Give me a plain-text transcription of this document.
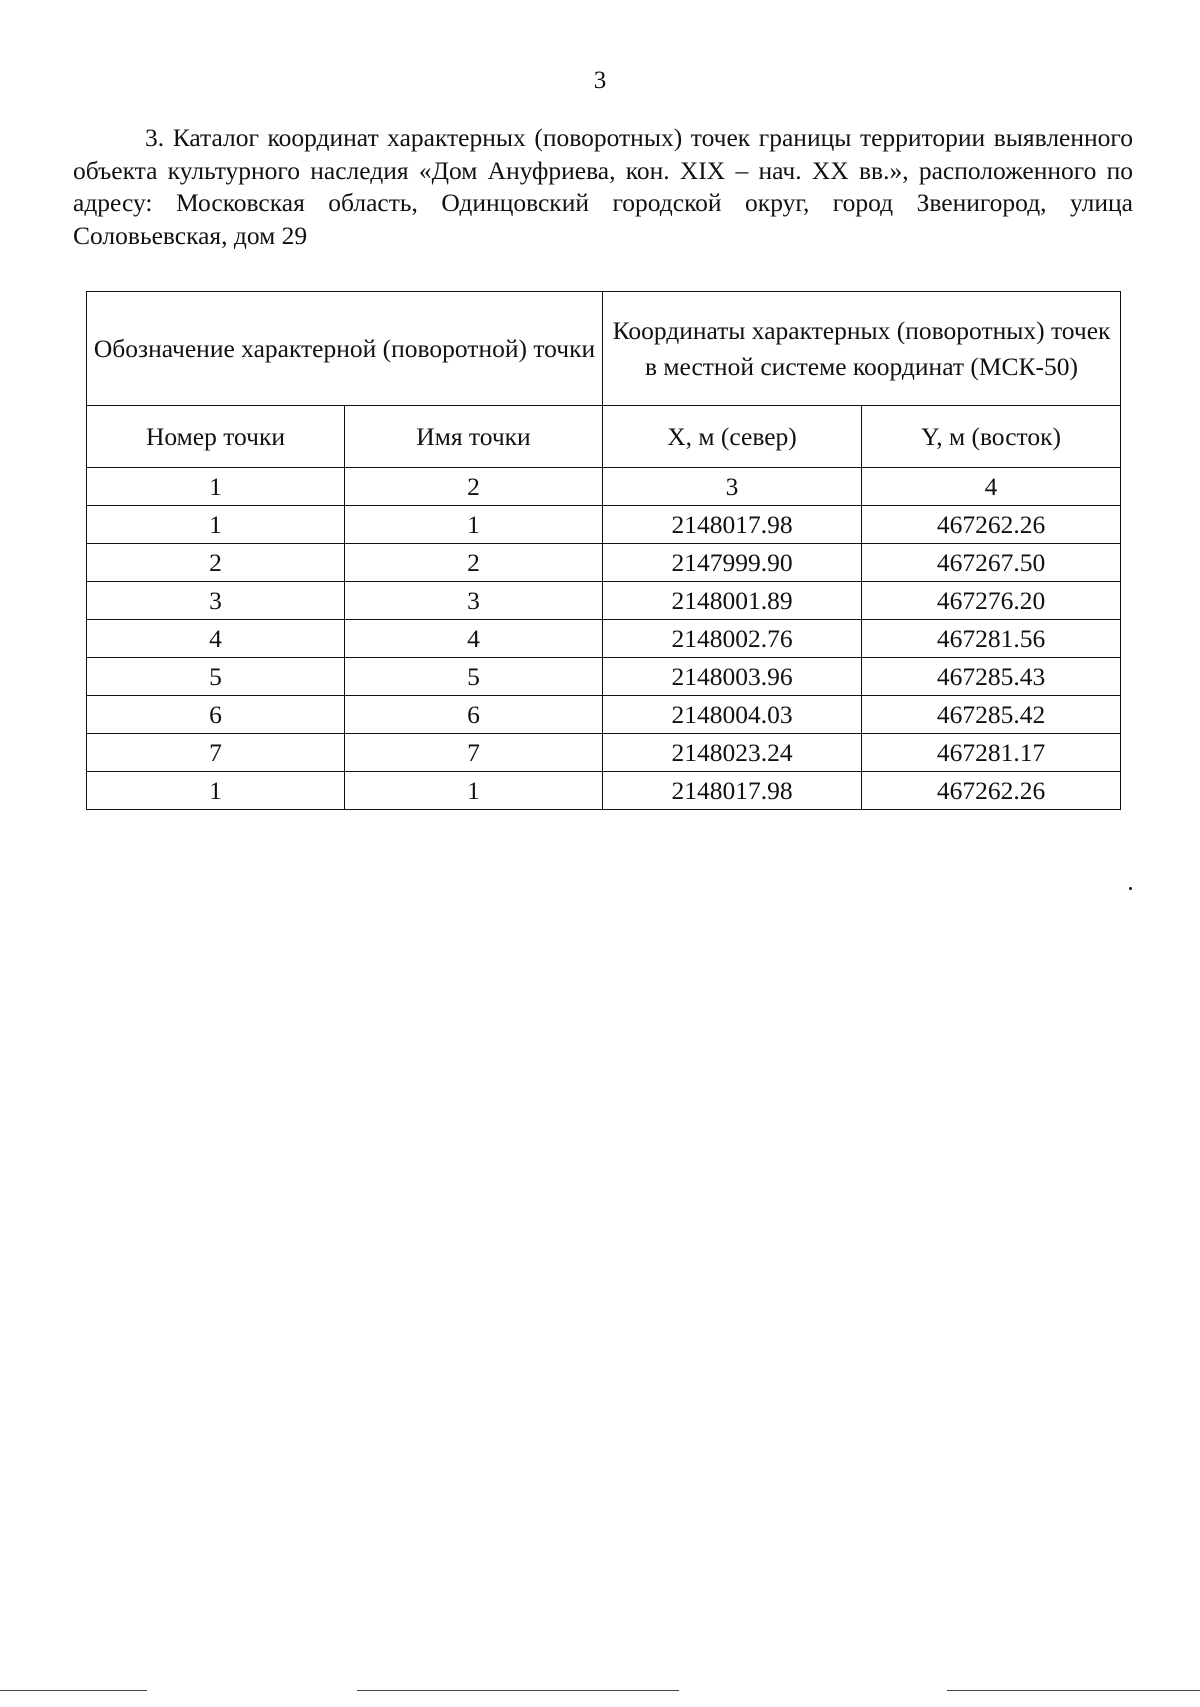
3
3. Каталог координат характерных (поворотных) точек границы территории выявленного объекта культурного наследия «Дом Ануфриева, кон. XIX – нач. XX вв.», расположенного по адресу: Московская область, Одинцовский городской округ, город Звенигород, улица Соловьевская, дом 29
Обозначение характерной (поворотной) точки		Координаты характерных (поворотных) точек в местной системе координат (МСК-50)	
Номер точки	Имя точки	X, м (север)	Y, м (восток)
1	2	3	4
1	1	2148017.98	467262.26
2	2	2147999.90	467267.50
3	3	2148001.89	467276.20
4	4	2148002.76	467281.56
5	5	2148003.96	467285.43
6	6	2148004.03	467285.42
7	7	2148023.24	467281.17
1	1	2148017.98	467262.26
